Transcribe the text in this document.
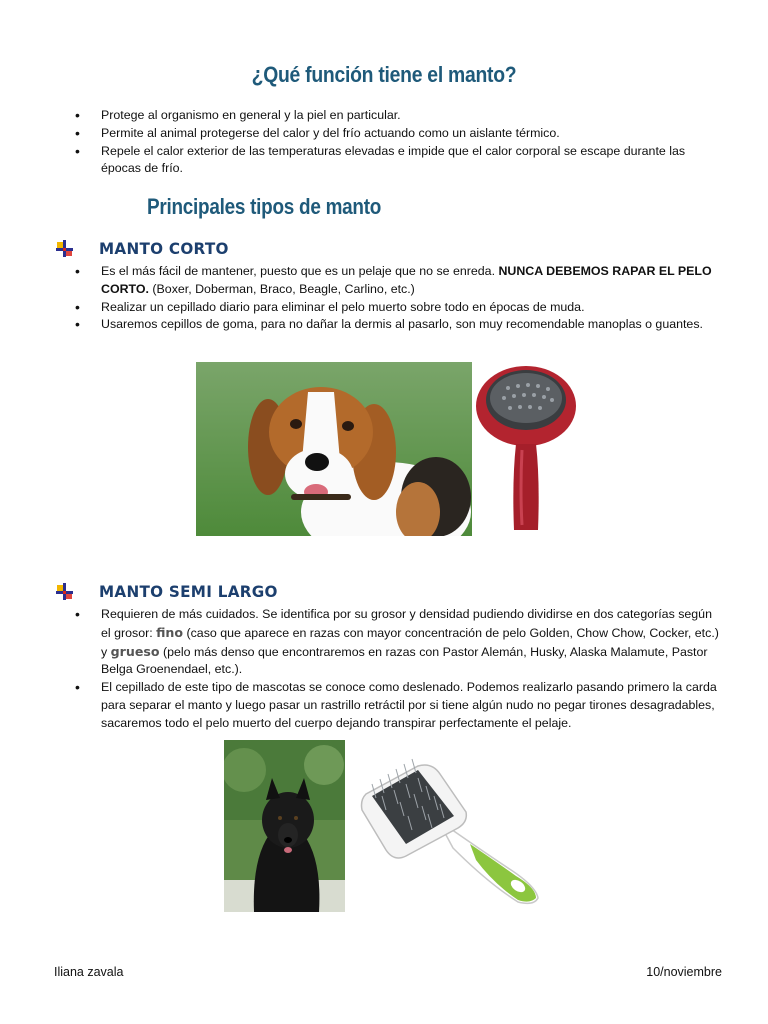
¿Qué función tiene el manto?
• Protege al organismo en general y la piel en particular.
• Permite al animal protegerse del calor y del frío actuando como un aislante térmico.
• Repele el calor exterior de las temperaturas elevadas e impide que el calor corporal se escape durante las épocas de frío.
Principales tipos de manto
MANTO CORTO
• Es el más fácil de mantener, puesto que es un pelaje que no se enreda. NUNCA DEBEMOS RAPAR EL PELO CORTO. (Boxer, Doberman, Braco, Beagle, Carlino, etc.)
• Realizar un cepillado diario para eliminar el pelo muerto sobre todo en épocas de muda.
• Usaremos cepillos de goma, para no dañar la dermis al pasarlo, son muy recomendable manoplas o guantes.
MANTO SEMI LARGO
• Requieren de más cuidados. Se identifica por su grosor y densidad pudiendo dividirse en dos categorías según el grosor: fino (caso que aparece en razas con mayor concentración de pelo Golden, Chow Chow, Cocker, etc.) y grueso (pelo más denso que encontraremos en razas con Pastor Alemán, Husky, Alaska Malamute, Pastor Belga Groenendael, etc.).
• El cepillado de este tipo de mascotas se conoce como deslenado. Podemos realizarlo pasando primero la carda para separar el manto y luego pasar un rastrillo retráctil por si tiene algún nudo no pegar tirones desagradables, sacaremos todo el pelo muerto del cuerpo dejando transpirar perfectamente el pelaje.
Iliana zavala	10/noviembre
